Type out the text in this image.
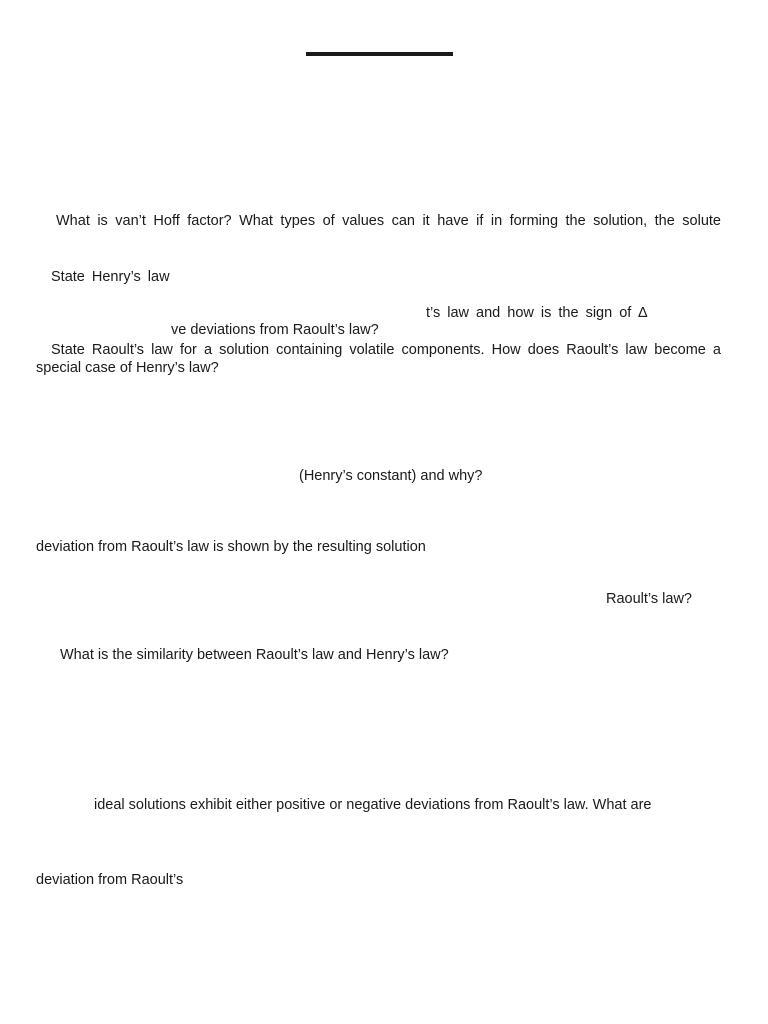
What is van’t Hoff factor? What types of values can it have if in forming the solution, the solute
State Henry’s law
t’s law and how is the sign of ∆
ve deviations from Raoult’s law?
State Raoult’s law for a solution containing volatile components. How does Raoult’s law become a
special case of Henry’s law?
(Henry’s constant) and why?
deviation from Raoult’s law is shown by the resulting solution
Raoult’s law?
What is the similarity between Raoult’s law and Henry’s law?
ideal solutions exhibit either positive or negative deviations from Raoult’s law. What are
deviation from Raoult’s
